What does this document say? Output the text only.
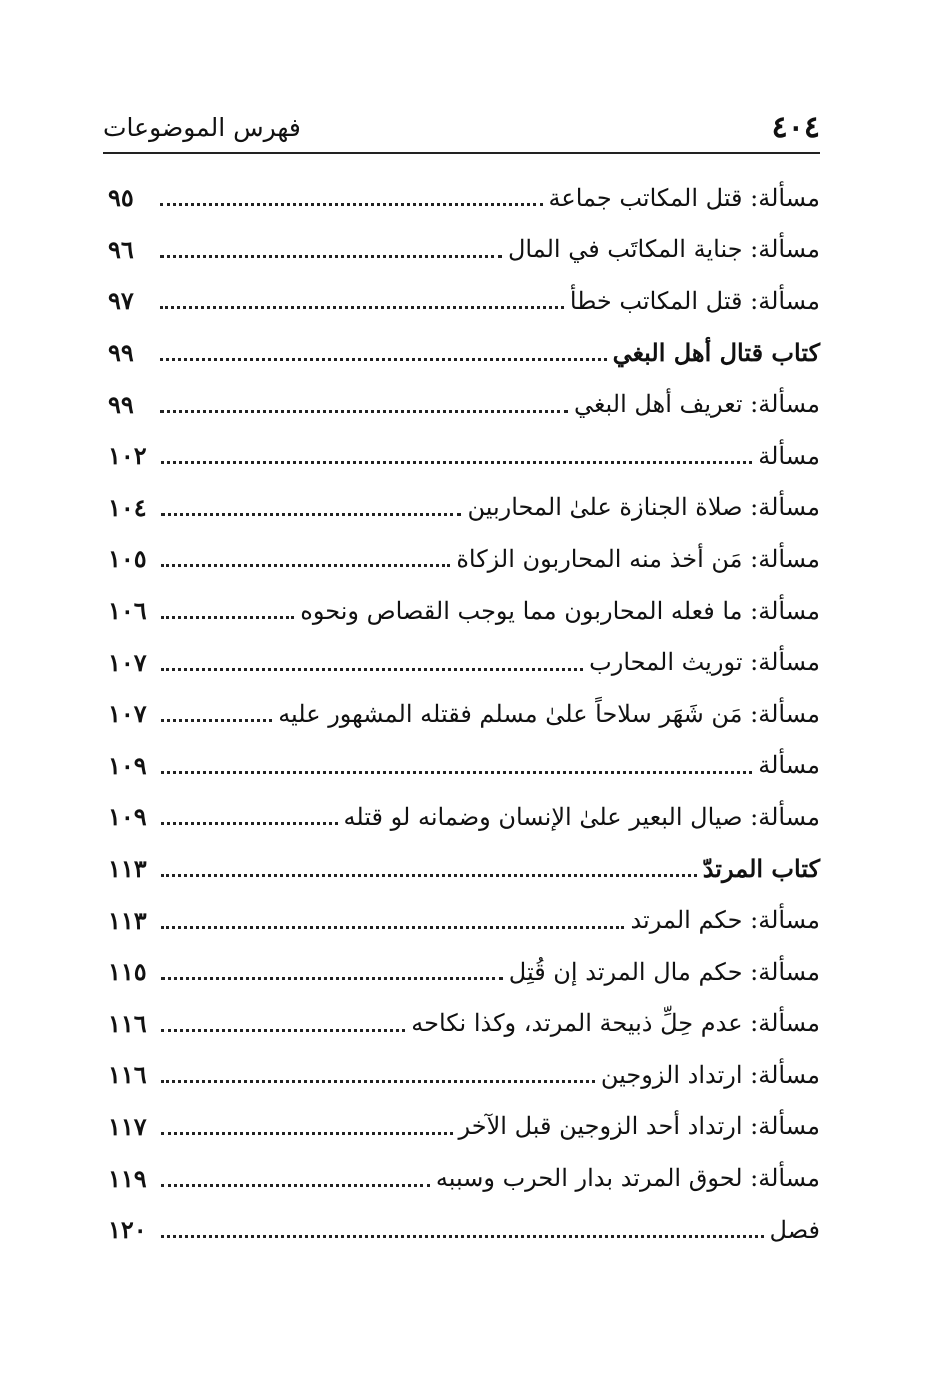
٤٠٤
فهرس الموضوعات
مسألة: قتل المكاتب جماعة
٩٥
مسألة: جناية المكاتَب في المال
٩٦
مسألة: قتل المكاتب خطأ
٩٧
كتاب قتال أهل البغي
٩٩
مسألة: تعريف أهل البغي
٩٩
مسألة
١٠٢
مسألة: صلاة الجنازة علىٰ المحاربين
١٠٤
مسألة: مَن أخذ منه المحاربون الزكاة
١٠٥
مسألة: ما فعله المحاربون مما يوجب القصاص ونحوه
١٠٦
مسألة: توريث المحارب
١٠٧
مسألة: مَن شَهَر سلاحاً علىٰ مسلم فقتله المشهور عليه
١٠٧
مسألة
١٠٩
مسألة: صيال البعير علىٰ الإنسان وضمانه لو قتله
١٠٩
كتاب المرتدّ
١١٣
مسألة: حكم المرتد
١١٣
مسألة: حكم مال المرتد إن قُتِل
١١٥
مسألة: عدم حِلِّ ذبيحة المرتد، وكذا نكاحه
١١٦
مسألة: ارتداد الزوجين
١١٦
مسألة: ارتداد أحد الزوجين قبل الآخر
١١٧
مسألة: لحوق المرتد بدار الحرب وسببه
١١٩
فصل
١٢٠
